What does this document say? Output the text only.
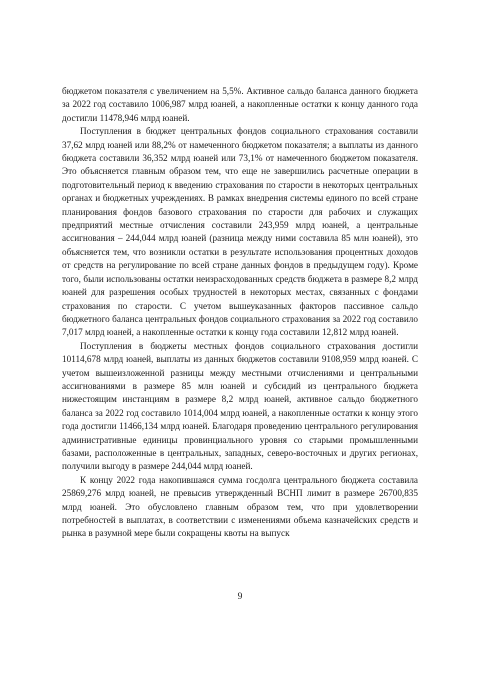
бюджетом показателя с увеличением на 5,5%. Активное сальдо баланса данного бюджета за 2022 год составило 1006,987 млрд юаней, а накопленные остатки к концу данного года достигли 11478,946 млрд юаней.

Поступления в бюджет центральных фондов социального страхования составили 37,62 млрд юаней или 88,2% от намеченного бюджетом показателя; а выплаты из данного бюджета составили 36,352 млрд юаней или 73,1% от намеченного бюджетом показателя. Это объясняется главным образом тем, что еще не завершились расчетные операции в подготовительный период к введению страхования по старости в некоторых центральных органах и бюджетных учреждениях. В рамках внедрения системы единого по всей стране планирования фондов базового страхования по старости для рабочих и служащих предприятий местные отчисления составили 243,959 млрд юаней, а центральные ассигнования – 244,044 млрд юаней (разница между ними составила 85 млн юаней), это объясняется тем, что возникли остатки в результате использования процентных доходов от средств на регулирование по всей стране данных фондов в предыдущем году). Кроме того, были использованы остатки неизрасходованных средств бюджета в размере 8,2 млрд юаней для разрешения особых трудностей в некоторых местах, связанных с фондами страхования по старости. С учетом вышеуказанных факторов пассивное сальдо бюджетного баланса центральных фондов социального страхования за 2022 год составило 7,017 млрд юаней, а накопленные остатки к концу года составили 12,812 млрд юаней.

Поступления в бюджеты местных фондов социального страхования достигли 10114,678 млрд юаней, выплаты из данных бюджетов составили 9108,959 млрд юаней. С учетом вышеизложенной разницы между местными отчислениями и центральными ассигнованиями в размере 85 млн юаней и субсидий из центрального бюджета нижестоящим инстанциям в размере 8,2 млрд юаней, активное сальдо бюджетного баланса за 2022 год составило 1014,004 млрд юаней, а накопленные остатки к концу этого года достигли 11466,134 млрд юаней. Благодаря проведению центрального регулирования административные единицы провинциального уровня со старыми промышленными базами, расположенные в центральных, западных, северо-восточных и других регионах, получили выгоду в размере 244,044 млрд юаней.

К концу 2022 года накопившаяся сумма госдолга центрального бюджета составила 25869,276 млрд юаней, не превысив утвержденный ВСНП лимит в размере 26700,835 млрд юаней. Это обусловлено главным образом тем, что при удовлетворении потребностей в выплатах, в соответствии с изменениями объема казначейских средств и рынка в разумной мере были сокращены квоты на выпуск

9
